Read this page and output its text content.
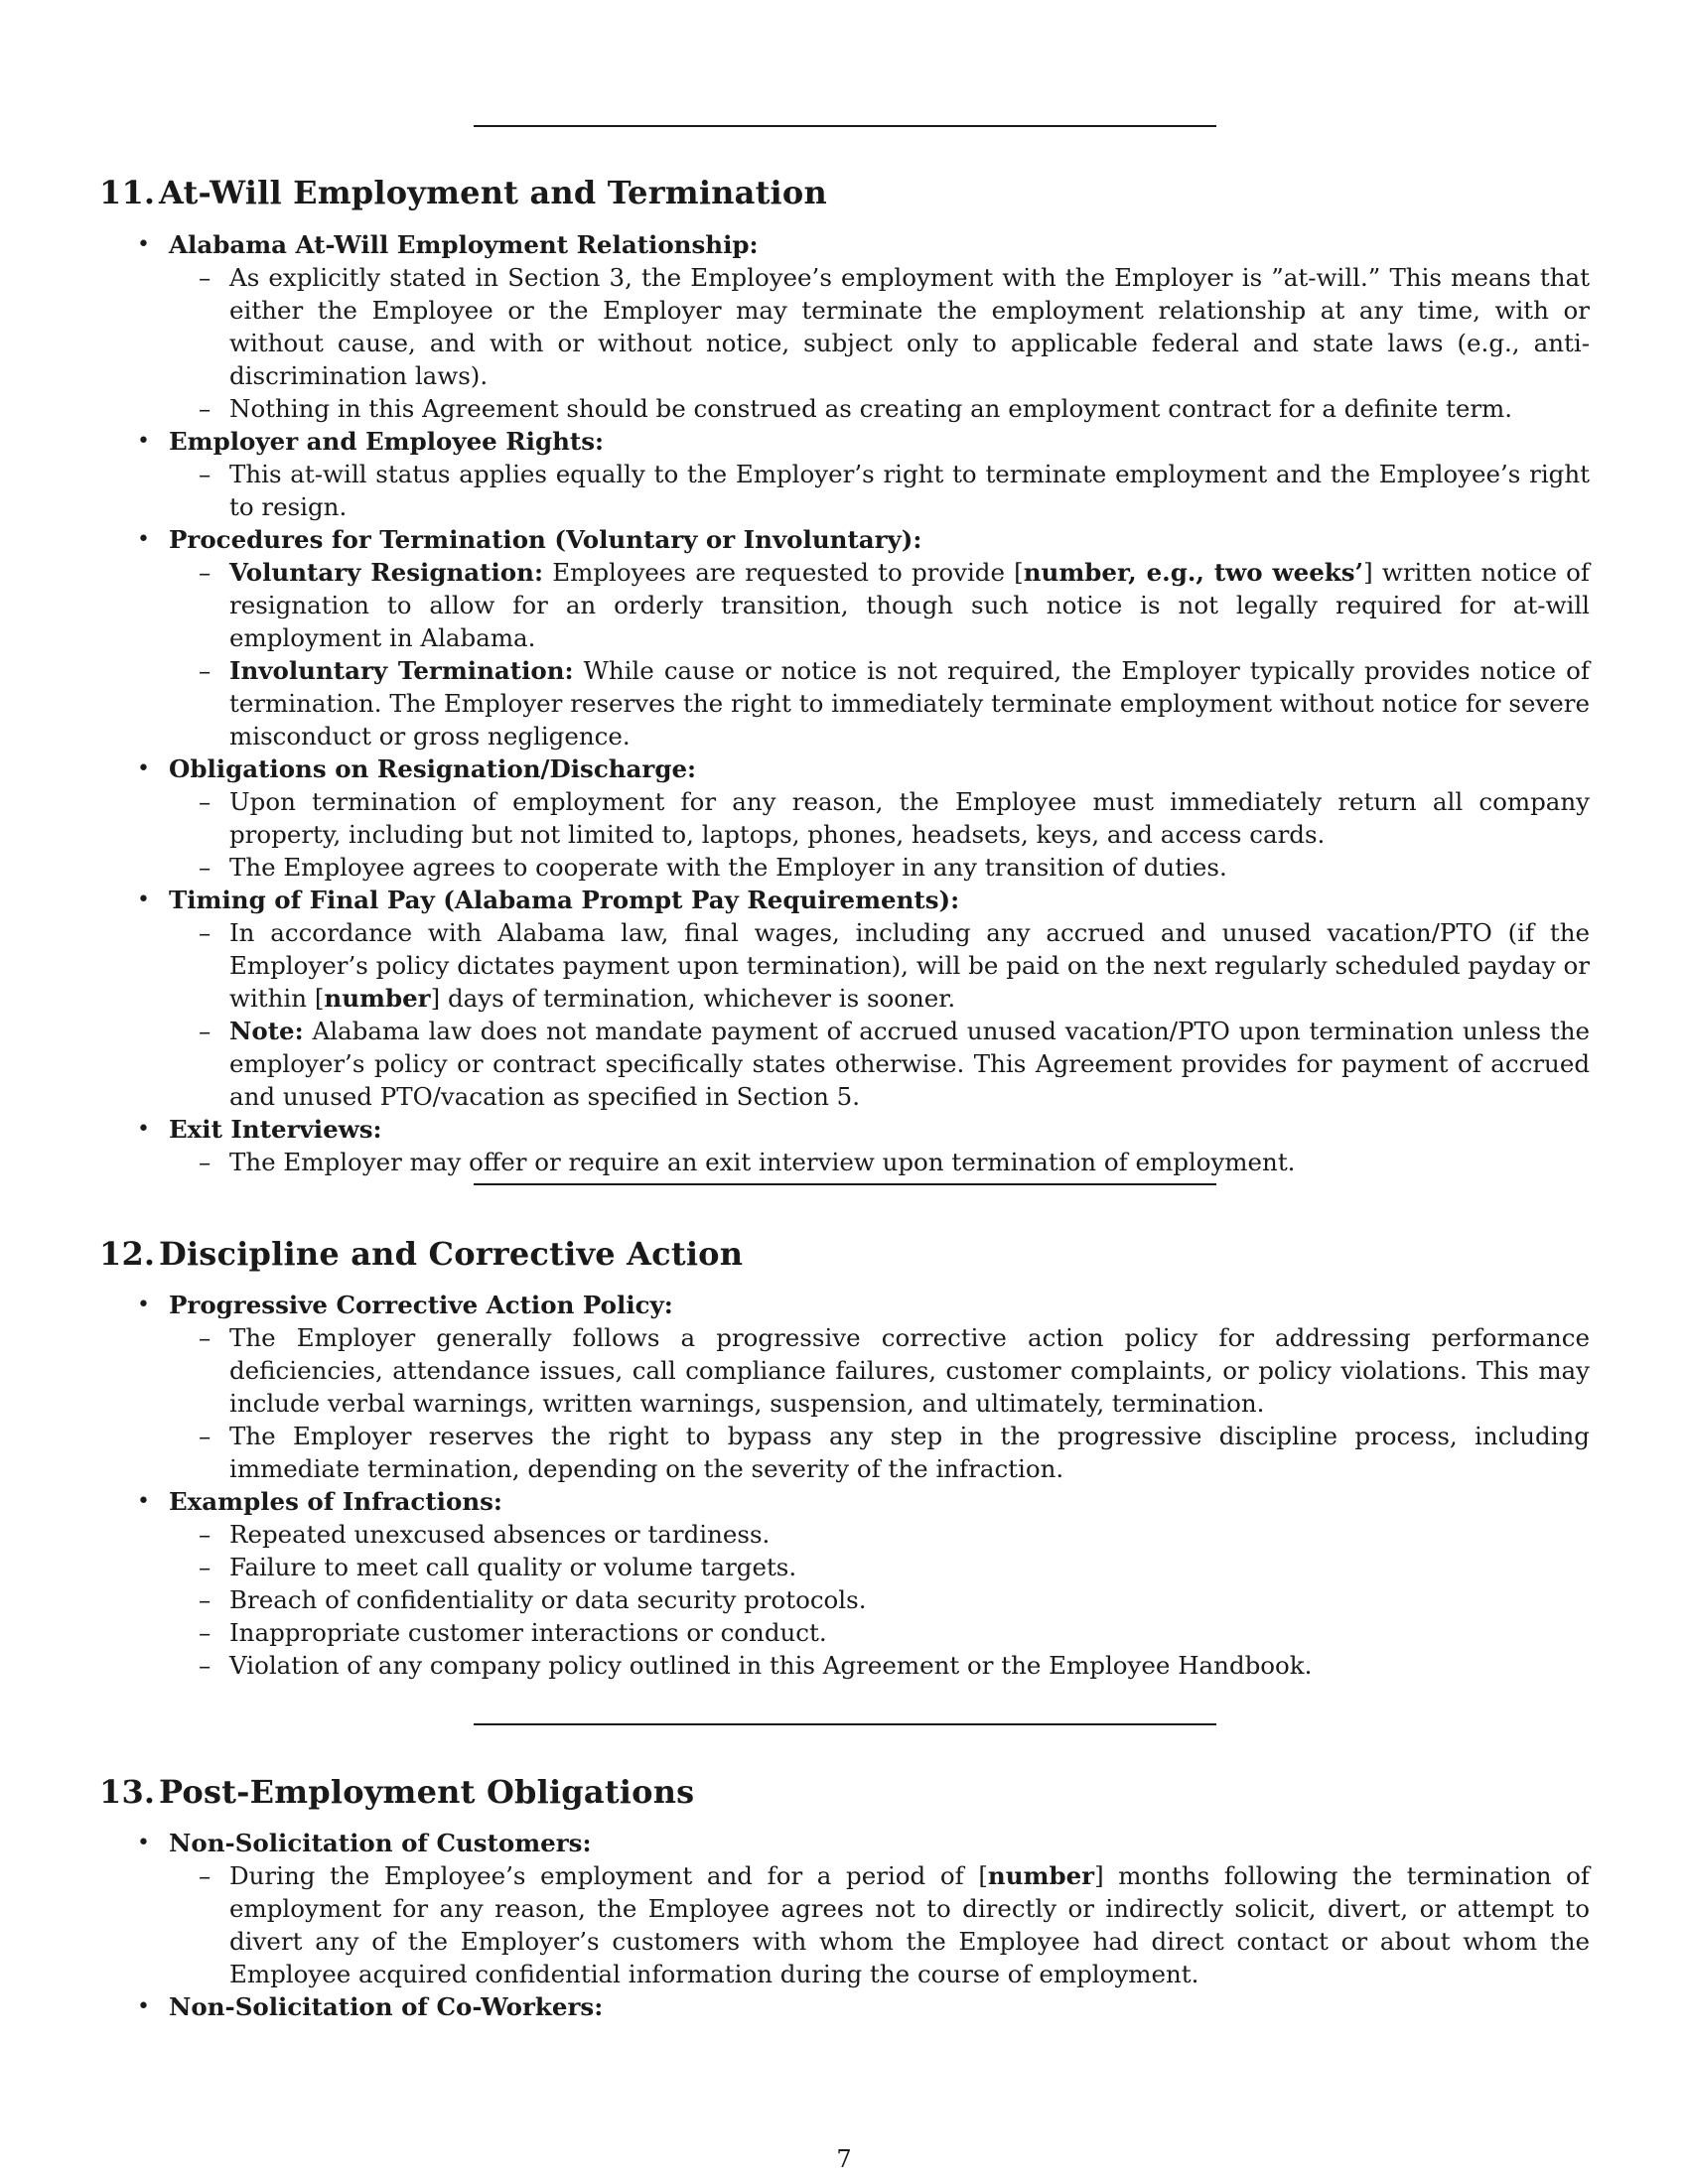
11. At-Will Employment and Termination
• Alabama At-Will Employment Relationship:
– As explicitly stated in Section 3, the Employee’s employment with the Employer is ”at-will.” This means that either the Employee or the Employer may terminate the employment relationship at any time, with or without cause, and with or without notice, subject only to applicable federal and state laws (e.g., anti-discrimination laws).
– Nothing in this Agreement should be construed as creating an employment contract for a definite term.
• Employer and Employee Rights:
– This at-will status applies equally to the Employer’s right to terminate employment and the Employee’s right to resign.
• Procedures for Termination (Voluntary or Involuntary):
– Voluntary Resignation: Employees are requested to provide [number, e.g., two weeks’] written notice of resignation to allow for an orderly transition, though such notice is not legally required for at-will employment in Alabama.
– Involuntary Termination: While cause or notice is not required, the Employer typically provides notice of termination. The Employer reserves the right to immediately terminate employment without notice for severe misconduct or gross negligence.
• Obligations on Resignation/Discharge:
– Upon termination of employment for any reason, the Employee must immediately return all company property, including but not limited to, laptops, phones, headsets, keys, and access cards.
– The Employee agrees to cooperate with the Employer in any transition of duties.
• Timing of Final Pay (Alabama Prompt Pay Requirements):
– In accordance with Alabama law, final wages, including any accrued and unused vacation/PTO (if the Employer’s policy dictates payment upon termination), will be paid on the next regularly scheduled payday or within [number] days of termination, whichever is sooner.
– Note: Alabama law does not mandate payment of accrued unused vacation/PTO upon termination unless the employer’s policy or contract specifically states otherwise. This Agreement provides for payment of accrued and unused PTO/vacation as specified in Section 5.
• Exit Interviews:
– The Employer may offer or require an exit interview upon termination of employment.
12. Discipline and Corrective Action
• Progressive Corrective Action Policy:
– The Employer generally follows a progressive corrective action policy for addressing performance deficiencies, attendance issues, call compliance failures, customer complaints, or policy violations. This may include verbal warnings, written warnings, suspension, and ultimately, termination.
– The Employer reserves the right to bypass any step in the progressive discipline process, including immediate termination, depending on the severity of the infraction.
• Examples of Infractions:
– Repeated unexcused absences or tardiness.
– Failure to meet call quality or volume targets.
– Breach of confidentiality or data security protocols.
– Inappropriate customer interactions or conduct.
– Violation of any company policy outlined in this Agreement or the Employee Handbook.
13. Post-Employment Obligations
• Non-Solicitation of Customers:
– During the Employee’s employment and for a period of [number] months following the termination of employment for any reason, the Employee agrees not to directly or indirectly solicit, divert, or attempt to divert any of the Employer’s customers with whom the Employee had direct contact or about whom the Employee acquired confidential information during the course of employment.
• Non-Solicitation of Co-Workers:
7
